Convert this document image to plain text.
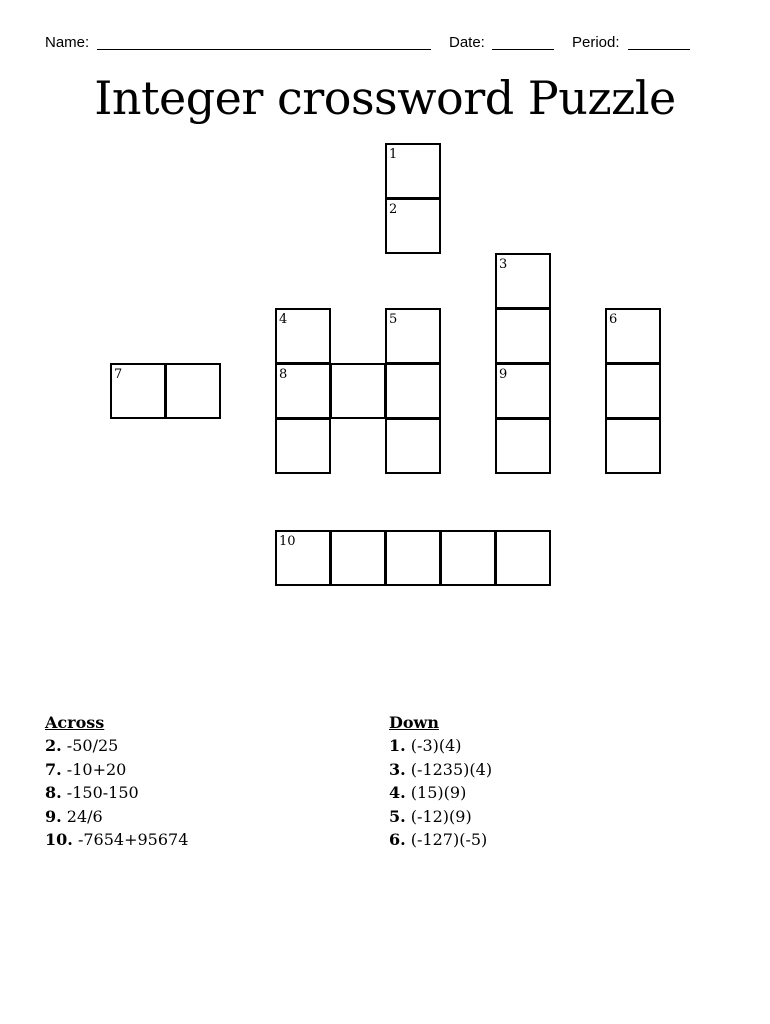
Name:	Date:	Period:
Integer crossword Puzzle
1
2
3
4	5	6
7	8	9
10
Across
2. -50/25
7. -10+20
8. -150-150
9. 24/6
10. -7654+95674
Down
1. (-3)(4)
3. (-1235)(4)
4. (15)(9)
5. (-12)(9)
6. (-127)(-5)
